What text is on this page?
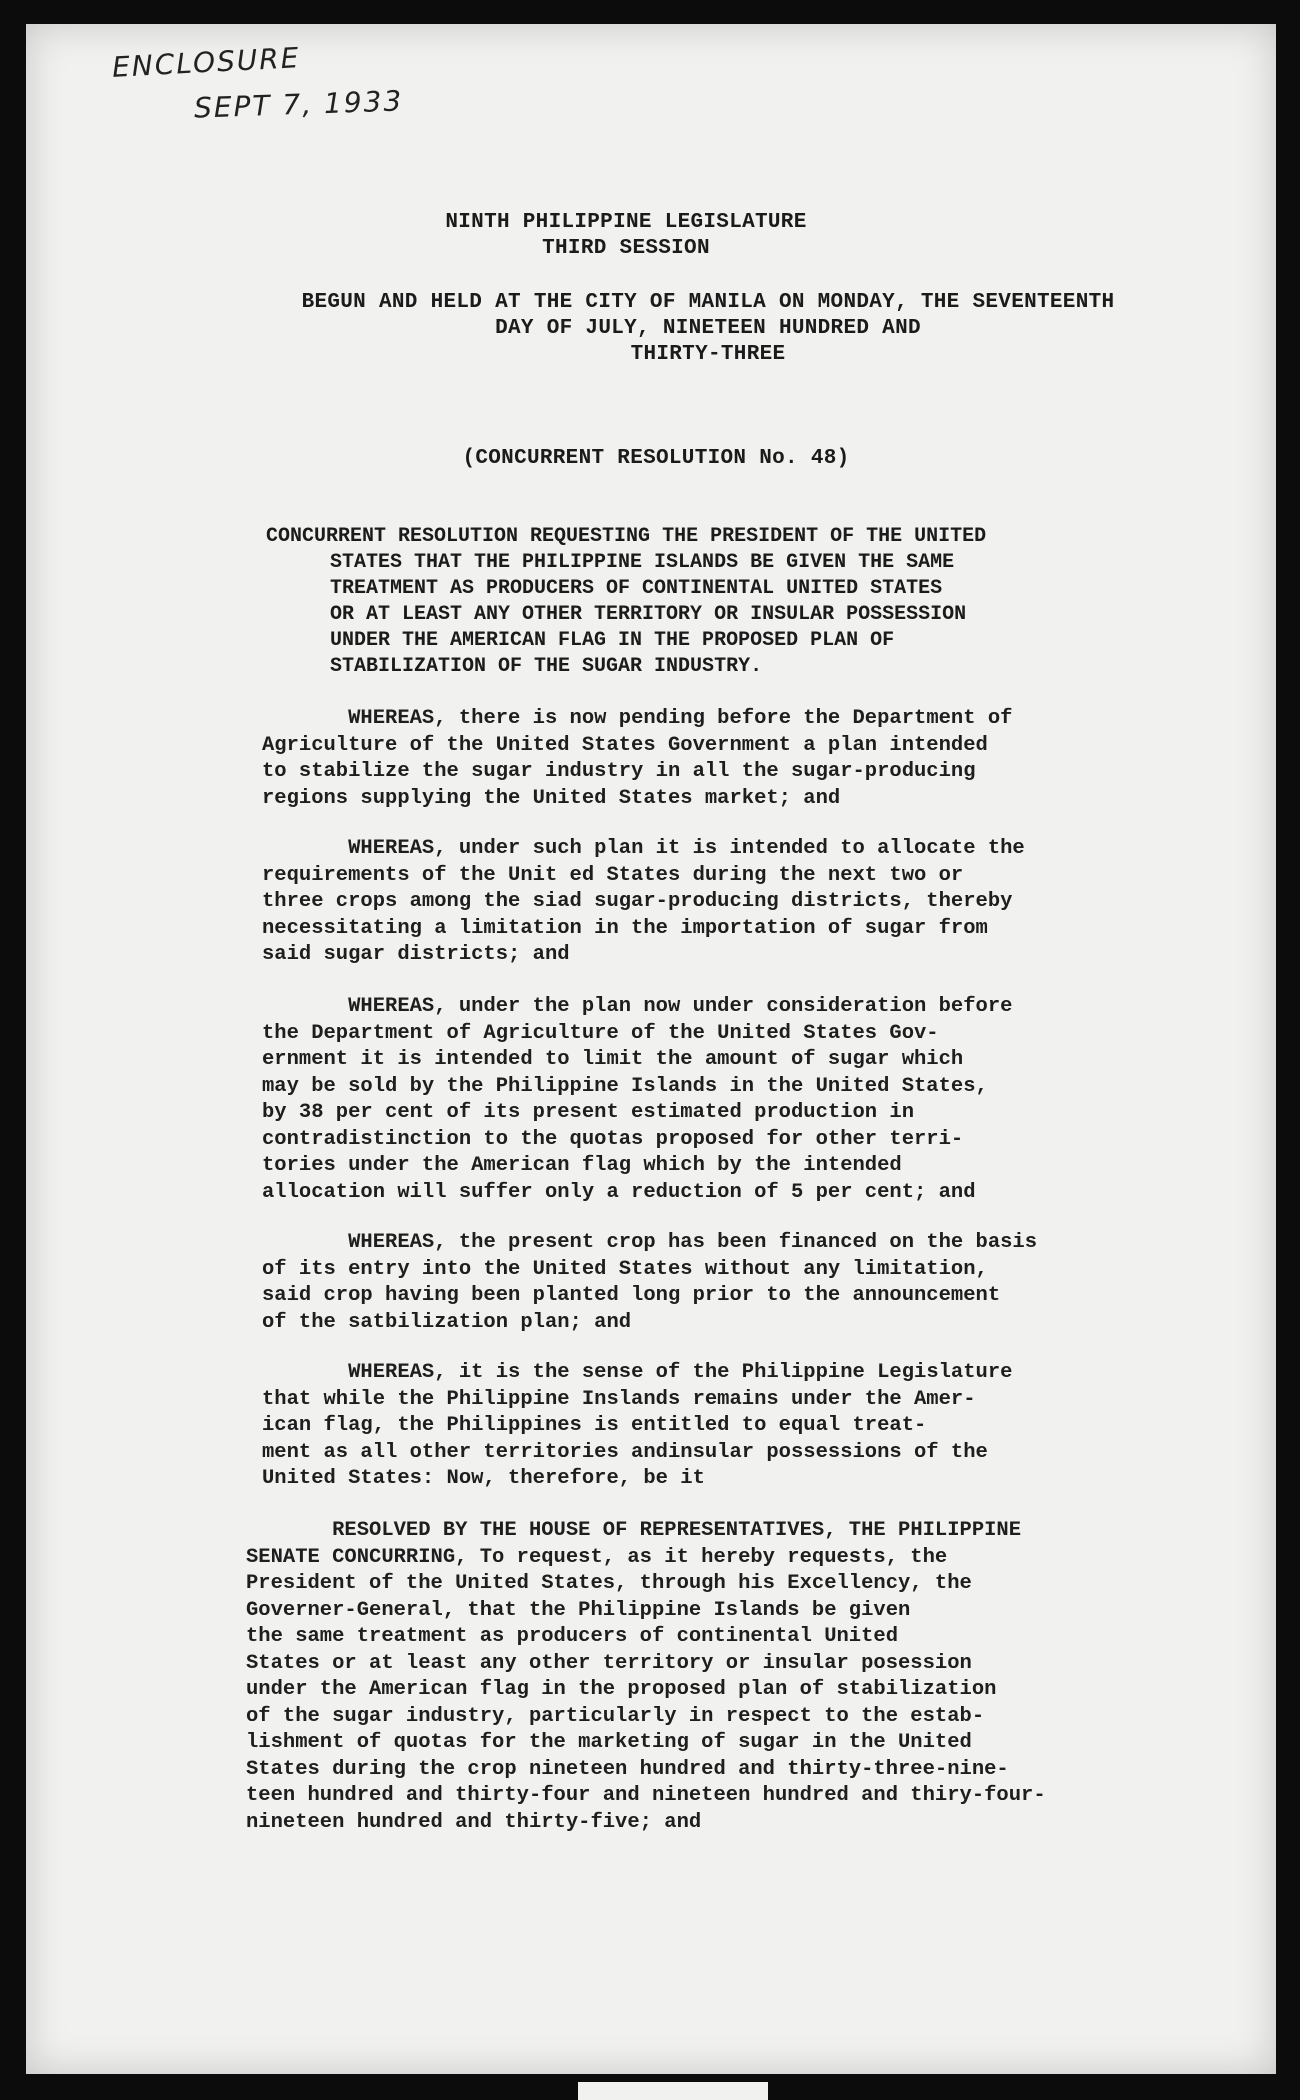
ENCLOSURE
SEPT 7, 1933
NINTH PHILIPPINE LEGISLATURE
THIRD SESSION
BEGUN AND HELD AT THE CITY OF MANILA ON MONDAY, THE SEVENTEENTH
DAY OF JULY, NINETEEN HUNDRED AND
THIRTY-THREE
(CONCURRENT RESOLUTION No. 48)
CONCURRENT RESOLUTION REQUESTING THE PRESIDENT OF THE UNITED
STATES THAT THE PHILIPPINE ISLANDS BE GIVEN THE SAME
TREATMENT AS PRODUCERS OF CONTINENTAL UNITED STATES
OR AT LEAST ANY OTHER TERRITORY OR INSULAR POSSESSION
UNDER THE AMERICAN FLAG IN THE PROPOSED PLAN OF
STABILIZATION OF THE SUGAR INDUSTRY.
WHEREAS, there is now pending before the Department of
Agriculture of the United States Government a plan intended
to stabilize the sugar industry in all the sugar-producing
regions supplying the United States market; and
WHEREAS, under such plan it is intended to allocate the
requirements of the Unit ed States during the next two or
three crops among the siad sugar-producing districts, thereby
necessitating a limitation in the importation of sugar from
said sugar districts; and
WHEREAS, under the plan now under consideration before
the Department of Agriculture of the United States Gov-
ernment it is intended to limit the amount of sugar which
may be sold by the Philippine Islands in the United States,
by 38 per cent of its present estimated production in
contradistinction to the quotas proposed for other terri-
tories under the American flag which by the intended
allocation will suffer only a reduction of 5 per cent; and
WHEREAS, the present crop has been financed on the basis
of its entry into the United States without any limitation,
said crop having been planted long prior to the announcement
of the satbilization plan; and
WHEREAS, it is the sense of the Philippine Legislature
that while the Philippine Inslands remains under the Amer-
ican flag, the Philippines is entitled to equal treat-
ment as all other territories andinsular possessions of the
United States: Now, therefore, be it
RESOLVED BY THE HOUSE OF REPRESENTATIVES, THE PHILIPPINE
SENATE CONCURRING, To request, as it hereby requests, the
President of the United States, through his Excellency, the
Governer-General, that the Philippine Islands be given
the same treatment as producers of continental United
States or at least any other territory or insular posession
under the American flag in the proposed plan of stabilization
of the sugar industry, particularly in respect to the estab-
lishment of quotas for the marketing of sugar in the United
States during the crop nineteen hundred and thirty-three-nine-
teen hundred and thirty-four and nineteen hundred and thiry-four-
nineteen hundred and thirty-five; and
